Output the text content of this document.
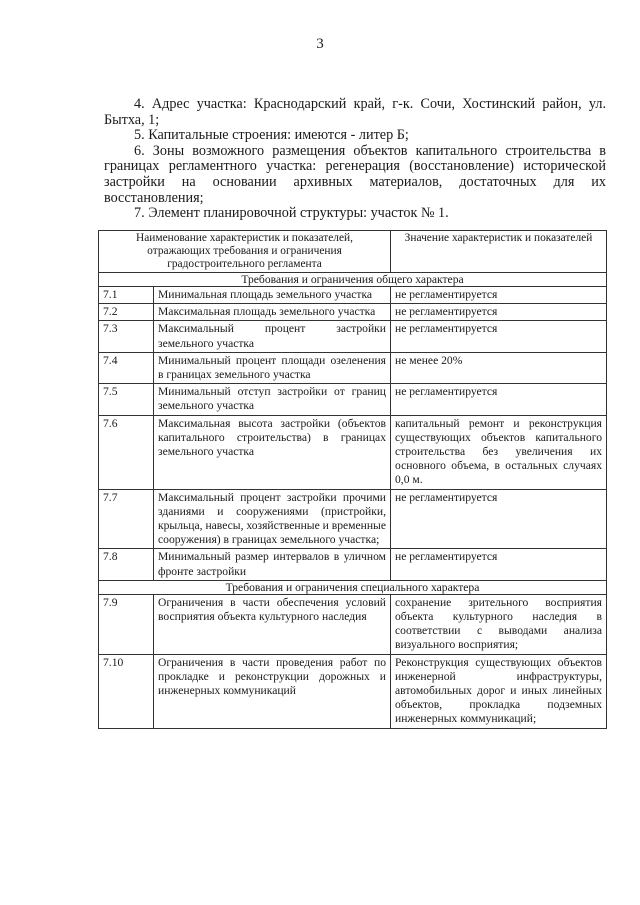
3

4. Адрес участка: Краснодарский край, г-к. Сочи, Хостинский район, ул. Бытха, 1;

5. Капитальные строения: имеются - литер Б;

6. Зоны возможного размещения объектов капитального строительства в границах регламентного участка: регенерация (восстановление) исторической застройки на основании архивных материалов, достаточных для их восстановления;

7. Элемент планировочной структуры: участок № 1.

Наименование характеристик и показателей, отражающих требования и ограничения градостроительного регламента		Значение характеристик и показателей
Требования и ограничения общего характера		
7.1	Минимальная площадь земельного участка	не регламентируется
7.2	Максимальная площадь земельного участка	не регламентируется
7.3	Максимальный процент застройки земельного участка	не регламентируется
7.4	Минимальный процент площади озеленения в границах земельного участка	не менее 20%
7.5	Минимальный отступ застройки от границ земельного участка	не регламентируется
7.6	Максимальная высота застройки (объектов капитального строительства) в границах земельного участка	капитальный ремонт и реконструкция существующих объектов капитального строительства без увеличения их основного объема, в остальных случаях 0,0 м.
7.7	Максимальный процент застройки прочими зданиями и сооружениями (пристройки, крыльца, навесы, хозяйственные и временные сооружения) в границах земельного участка;	не регламентируется
7.8	Минимальный размер интервалов в уличном фронте застройки	не регламентируется
Требования и ограничения специального характера		
7.9	Ограничения в части обеспечения условий восприятия объекта культурного наследия	сохранение зрительного восприятия объекта культурного наследия в соответствии с выводами анализа визуального восприятия;
7.10	Ограничения в части проведения работ по прокладке и реконструкции дорожных и инженерных коммуникаций	Реконструкция существующих объектов инженерной инфраструктуры, автомобильных дорог и иных линейных объектов, прокладка подземных инженерных коммуникаций;
